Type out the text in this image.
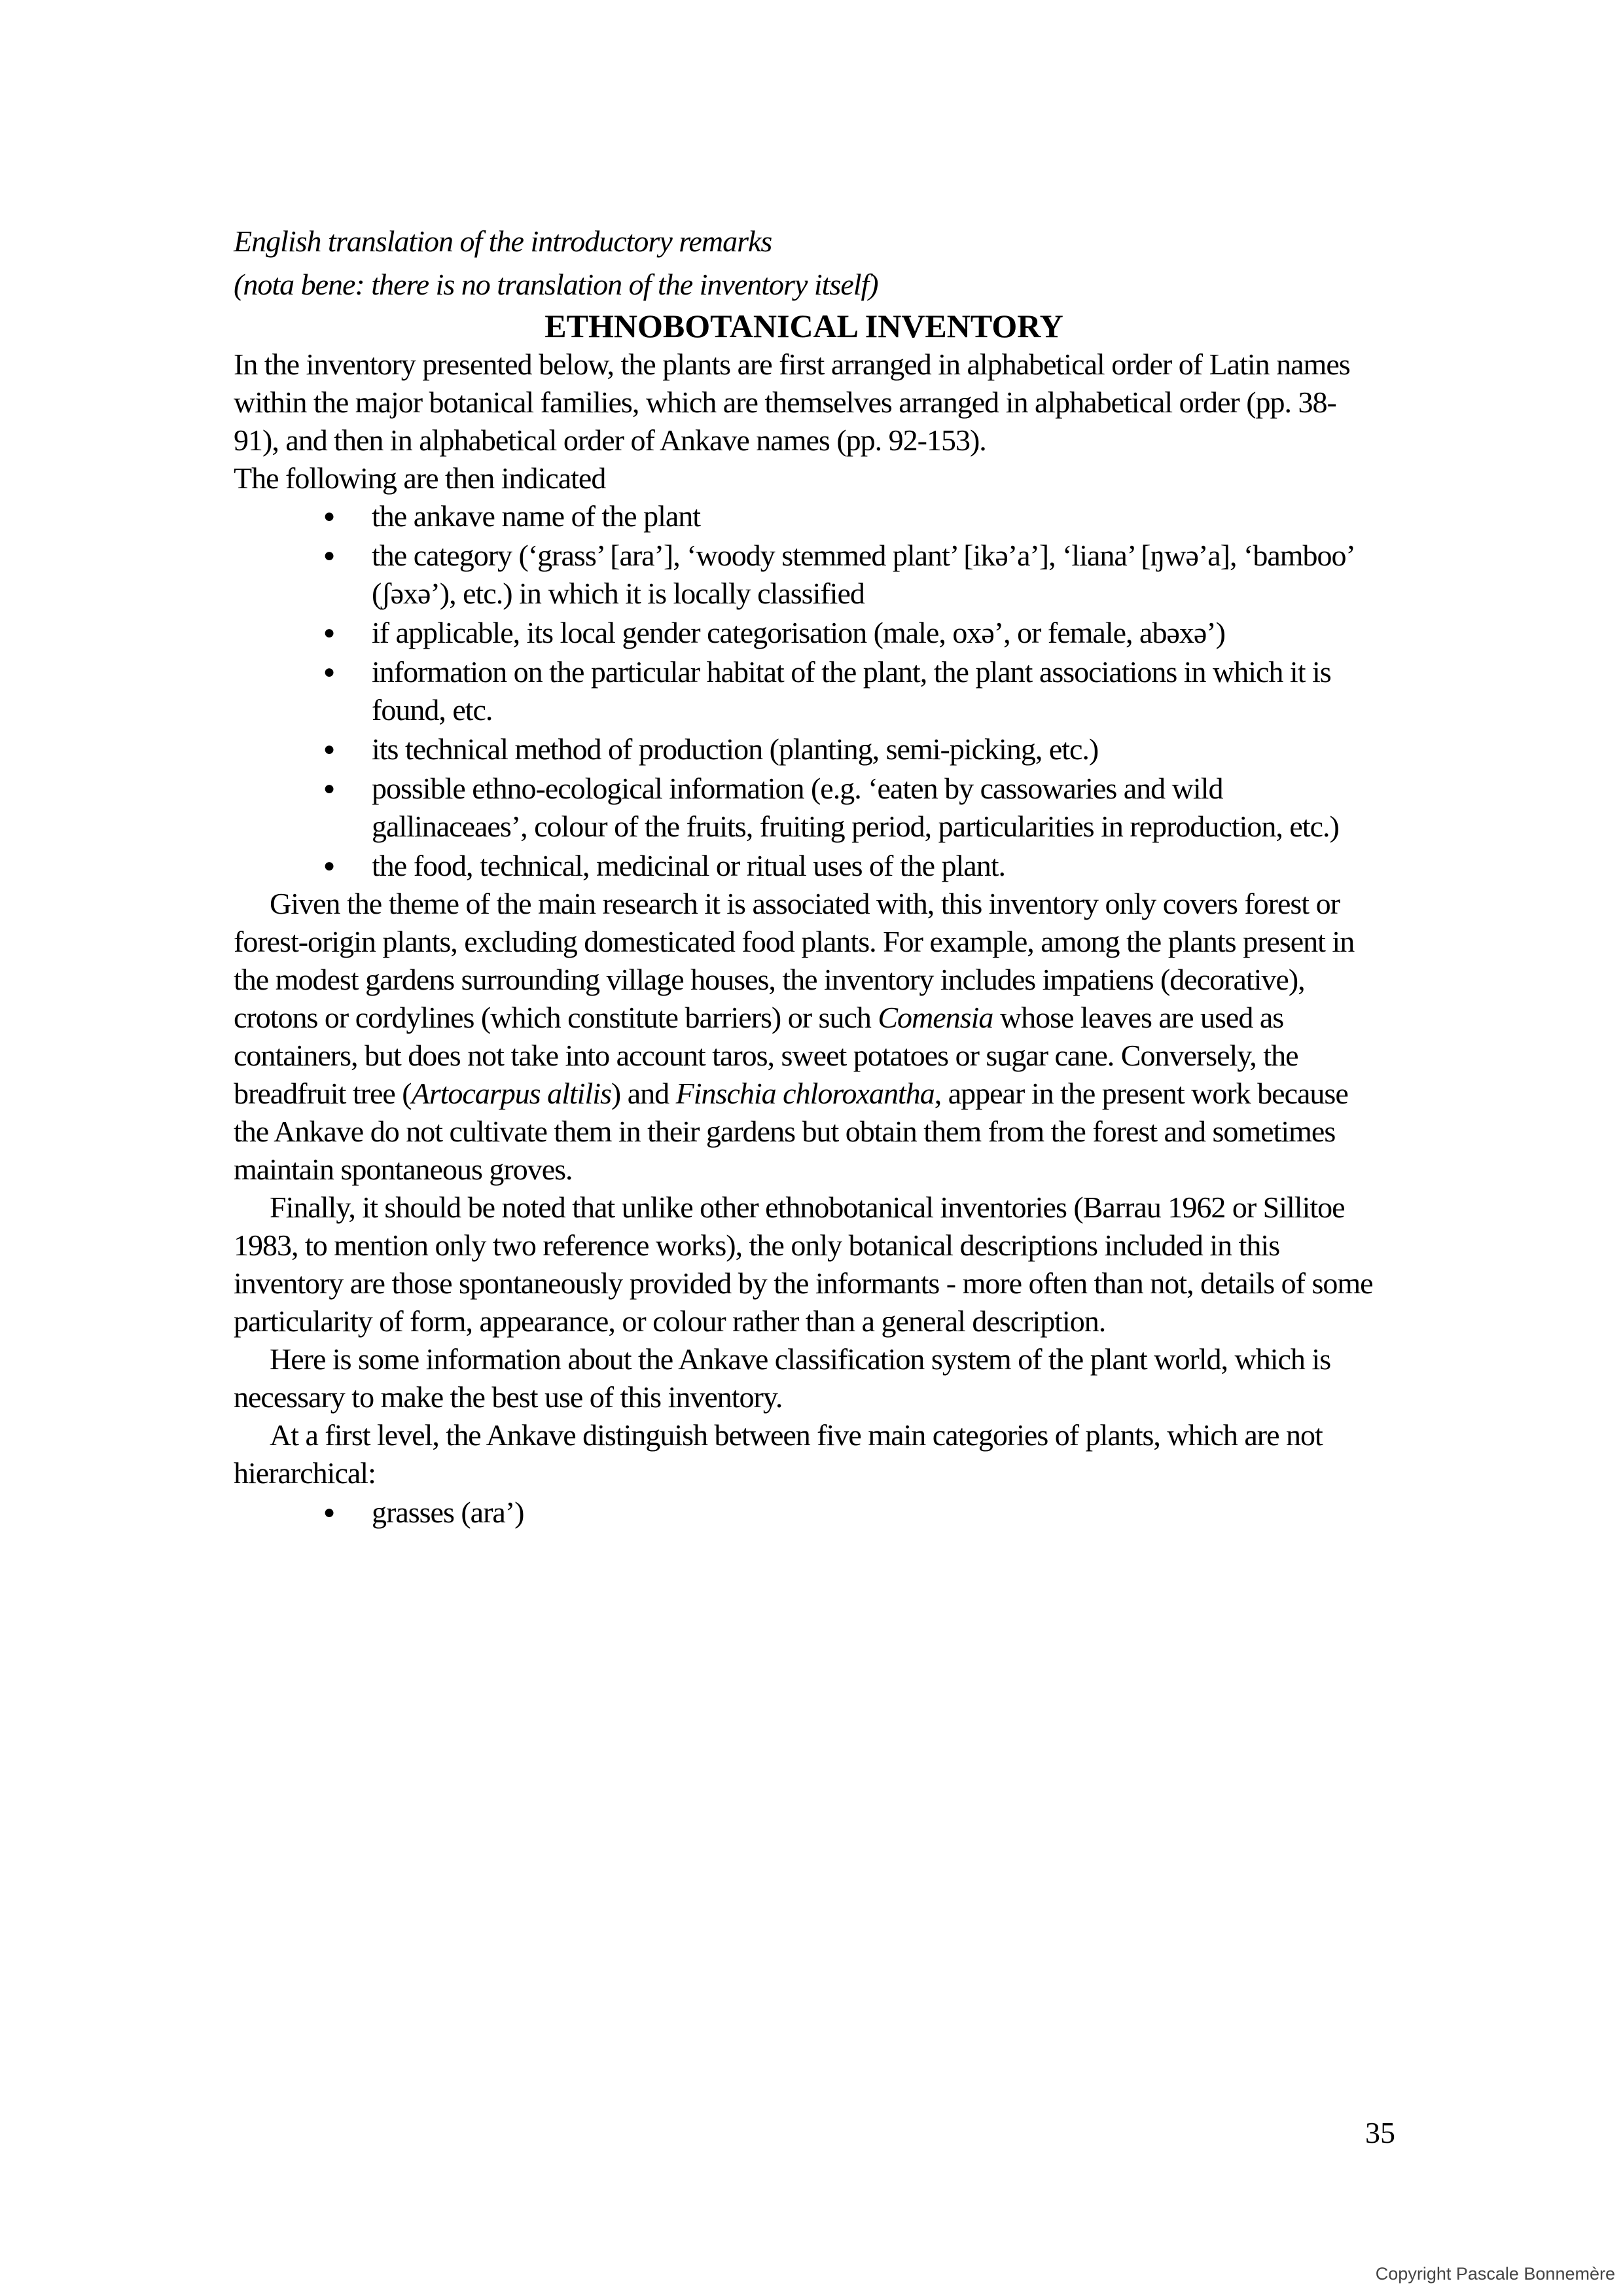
English translation of the introductory remarks
(nota bene: there is no translation of the inventory itself)

ETHNOBOTANICAL INVENTORY

In the inventory presented below, the plants are first arranged in alphabetical order of Latin names within the major botanical families, which are themselves arranged in alphabetical order (pp. 38-91), and then in alphabetical order of Ankave names (pp. 92-153).

The following are then indicated

● the ankave name of the plant
● the category (‘grass’ [ara’], ‘woody stemmed plant’ [ikə’a’], ‘liana’ [ŋwə’a], ‘bamboo’ (ʃəxə’), etc.) in which it is locally classified
● if applicable, its local gender categorisation (male, oxə’, or female, abəxə’)
● information on the particular habitat of the plant, the plant associations in which it is found, etc.
● its technical method of production (planting, semi-picking, etc.)
● possible ethno-ecological information (e.g. ‘eaten by cassowaries and wild gallinaceaes’, colour of the fruits, fruiting period, particularities in reproduction, etc.)
● the food, technical, medicinal or ritual uses of the plant.

Given the theme of the main research it is associated with, this inventory only covers forest or forest-origin plants, excluding domesticated food plants. For example, among the plants present in the modest gardens surrounding village houses, the inventory includes impatiens (decorative), crotons or cordylines (which constitute barriers) or such Comensia whose leaves are used as containers, but does not take into account taros, sweet potatoes or sugar cane. Conversely, the breadfruit tree (Artocarpus altilis) and Finschia chloroxantha, appear in the present work because the Ankave do not cultivate them in their gardens but obtain them from the forest and sometimes maintain spontaneous groves.

Finally, it should be noted that unlike other ethnobotanical inventories (Barrau 1962 or Sillitoe 1983, to mention only two reference works), the only botanical descriptions included in this inventory are those spontaneously provided by the informants - more often than not, details of some particularity of form, appearance, or colour rather than a general description.

Here is some information about the Ankave classification system of the plant world, which is necessary to make the best use of this inventory.

At a first level, the Ankave distinguish between five main categories of plants, which are not hierarchical:

● grasses (ara’)
35
Copyright Pascale Bonnemère
